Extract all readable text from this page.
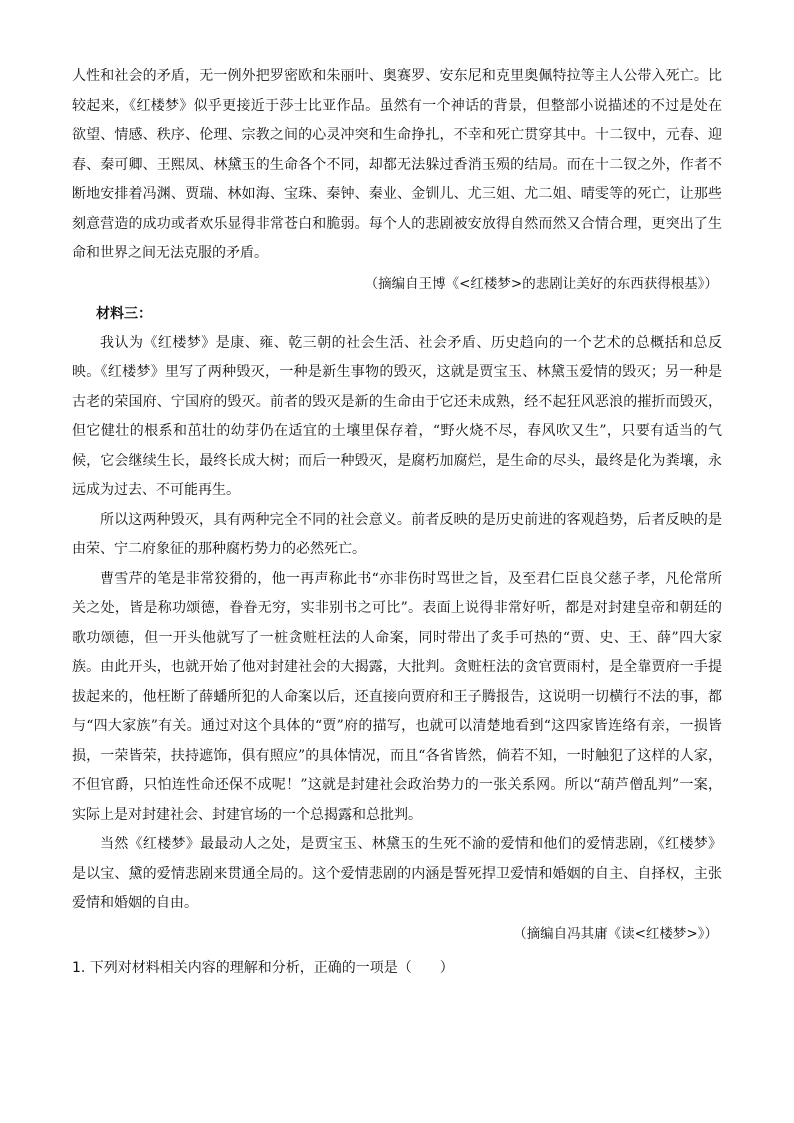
人性和社会的矛盾，无一例外把罗密欧和朱丽叶、奥赛罗、安东尼和克里奥佩特拉等主人公带入死亡。比较起来，《红楼梦》似乎更接近于莎士比亚作品。虽然有一个神话的背景，但整部小说描述的不过是处在欲望、情感、秩序、伦理、宗教之间的心灵冲突和生命挣扎，不幸和死亡贯穿其中。十二钗中，元春、迎春、秦可卿、王熙凤、林黛玉的生命各个不同，却都无法躲过香消玉殒的结局。而在十二钗之外，作者不断地安排着冯渊、贾瑞、林如海、宝珠、秦钟、秦业、金钏儿、尤三姐、尤二姐、晴雯等的死亡，让那些刻意营造的成功或者欢乐显得非常苍白和脆弱。每个人的悲剧被安放得自然而然又合情合理，更突出了生命和世界之间无法克服的矛盾。

（摘编自王博《<红楼梦>的悲剧让美好的东西获得根基》）

材料三：

我认为《红楼梦》是康、雍、乾三朝的社会生活、社会矛盾、历史趋向的一个艺术的总概括和总反映。《红楼梦》里写了两种毁灭，一种是新生事物的毁灭，这就是贾宝玉、林黛玉爱情的毁灭；另一种是古老的荣国府、宁国府的毁灭。前者的毁灭是新的生命由于它还未成熟，经不起狂风恶浪的摧折而毁灭，但它健壮的根系和茁壮的幼芽仍在适宜的土壤里保存着，“野火烧不尽，春风吹又生”，只要有适当的气候，它会继续生长，最终长成大树；而后一种毁灭，是腐朽加腐烂，是生命的尽头，最终是化为粪壤，永远成为过去、不可能再生。

所以这两种毁灭，具有两种完全不同的社会意义。前者反映的是历史前进的客观趋势，后者反映的是由荣、宁二府象征的那种腐朽势力的必然死亡。

曹雪芹的笔是非常狡猾的，他一再声称此书“亦非伤时骂世之旨，及至君仁臣良父慈子孝，凡伦常所关之处，皆是称功颂德，眷眷无穷，实非别书之可比”。表面上说得非常好听，都是对封建皇帝和朝廷的歌功颂德，但一开头他就写了一桩贪赃枉法的人命案，同时带出了炙手可热的“贾、史、王、薛”四大家族。由此开头，也就开始了他对封建社会的大揭露，大批判。贪赃枉法的贪官贾雨村，是全靠贾府一手提拔起来的，他枉断了薛蟠所犯的人命案以后，还直接向贾府和王子腾报告，这说明一切横行不法的事，都与“四大家族”有关。通过对这个具体的“贾”府的描写，也就可以清楚地看到“这四家皆连络有亲，一损皆损，一荣皆荣，扶持遮饰，俱有照应”的具体情况，而且“各省皆然，倘若不知，一时触犯了这样的人家，不但官爵，只怕连性命还保不成呢！”这就是封建社会政治势力的一张关系网。所以“葫芦僧乱判”一案，实际上是对封建社会、封建官场的一个总揭露和总批判。

当然《红楼梦》最最动人之处，是贾宝玉、林黛玉的生死不渝的爱情和他们的爱情悲剧，《红楼梦》是以宝、黛的爱情悲剧来贯通全局的。这个爱情悲剧的内涵是誓死捍卫爱情和婚姻的自主、自择权，主张爱情和婚姻的自由。

（摘编自冯其庸《读<红楼梦>》）

1. 下列对材料相关内容的理解和分析，正确的一项是（　　）
